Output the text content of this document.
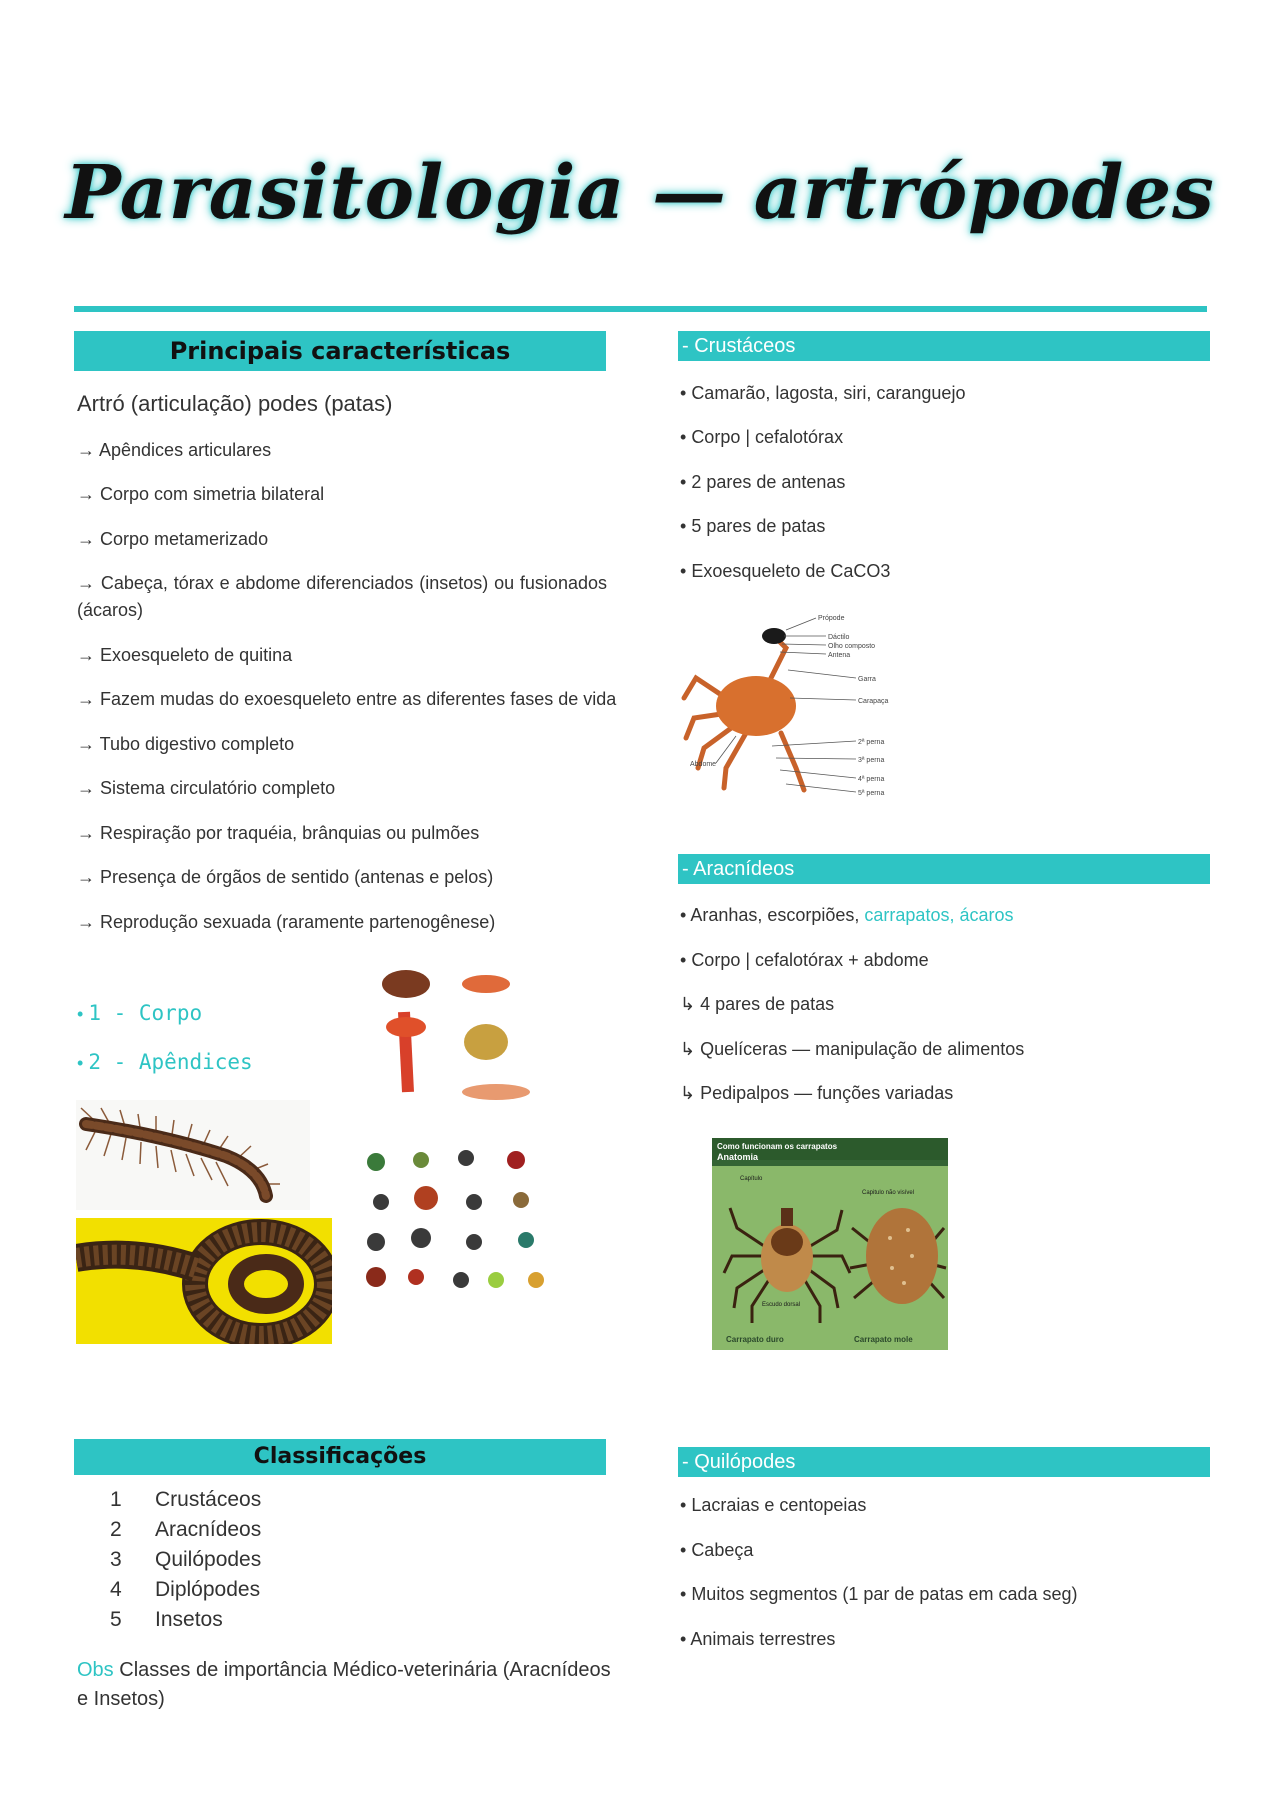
Parasitologia — artrópodes
Principais características
Artró (articulação) podes (patas)
→ Apêndices articulares
→ Corpo com simetria bilateral
→ Corpo metamerizado
→ Cabeça, tórax e abdome diferenciados (insetos) ou fusionados (ácaros)
→ Exoesqueleto de quitina
→ Fazem mudas do exoesqueleto entre as diferentes fases de vida
→ Tubo digestivo completo
→ Sistema circulatório completo
→ Respiração por traquéia, brânquias ou pulmões
→ Presença de órgãos de sentido (antenas e pelos)
→ Reprodução sexuada (raramente partenogênese)
• 1 - Corpo
• 2 - Apêndices
Classificações
1	Crustáceos
2	Aracnídeos
3	Quilópodes
4	Diplópodes
5	Insetos
Obs Classes de importância Médico-veterinária (Aracnídeos e Insetos)
- Crustáceos
• Camarão, lagosta, siri, caranguejo
• Corpo | cefalotórax
• 2 pares de antenas
• 5 pares de patas
• Exoesqueleto de CaCO3
Própode
Dáctilo
Olho composto
Antena
Garra
Carapaça
Abdome
2ª perna
3ª perna
4ª perna
5ª perna
- Aracnídeos
• Aranhas, escorpiões, carrapatos, ácaros
• Corpo | cefalotórax + abdome
↳ 4 pares de patas
↳ Quelíceras — manipulação de alimentos
↳ Pedipalpos — funções variadas
Como funcionam os carrapatos
Anatomia
Capítulo
Capitulo não visível
Escudo dorsal
Carrapato duro	Carrapato mole
- Quilópodes
• Lacraias e centopeias
• Cabeça
• Muitos segmentos (1 par de patas em cada seg)
• Animais terrestres
